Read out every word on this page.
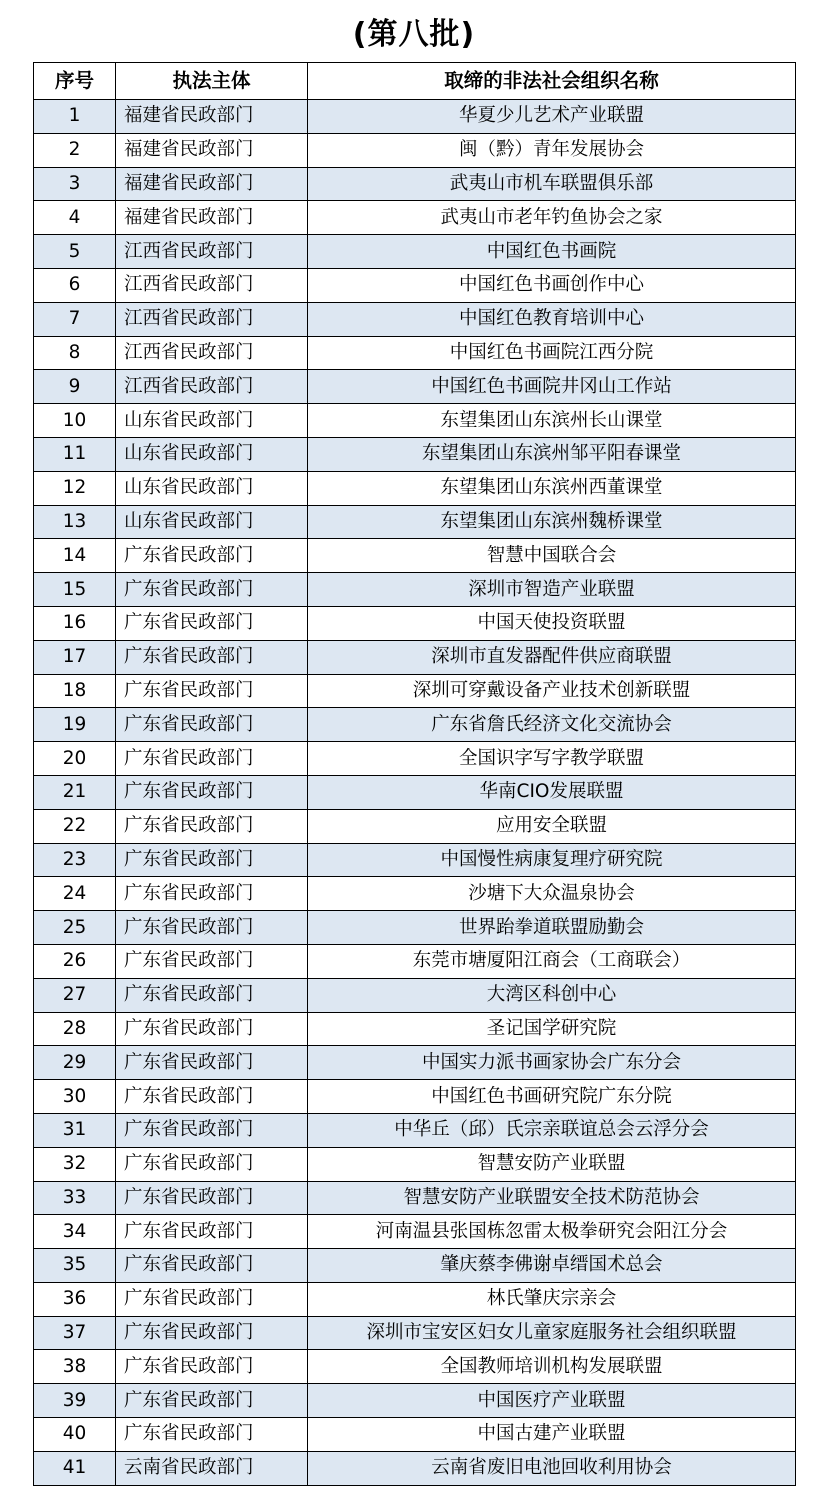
(第八批)
序号	执法主体	取缔的非法社会组织名称
1	福建省民政部门	华夏少儿艺术产业联盟
2	福建省民政部门	闽（黔）青年发展协会
3	福建省民政部门	武夷山市机车联盟俱乐部
4	福建省民政部门	武夷山市老年钓鱼协会之家
5	江西省民政部门	中国红色书画院
6	江西省民政部门	中国红色书画创作中心
7	江西省民政部门	中国红色教育培训中心
8	江西省民政部门	中国红色书画院江西分院
9	江西省民政部门	中国红色书画院井冈山工作站
10	山东省民政部门	东望集团山东滨州长山课堂
11	山东省民政部门	东望集团山东滨州邹平阳春课堂
12	山东省民政部门	东望集团山东滨州西董课堂
13	山东省民政部门	东望集团山东滨州魏桥课堂
14	广东省民政部门	智慧中国联合会
15	广东省民政部门	深圳市智造产业联盟
16	广东省民政部门	中国天使投资联盟
17	广东省民政部门	深圳市直发器配件供应商联盟
18	广东省民政部门	深圳可穿戴设备产业技术创新联盟
19	广东省民政部门	广东省詹氏经济文化交流协会
20	广东省民政部门	全国识字写字教学联盟
21	广东省民政部门	华南CIO发展联盟
22	广东省民政部门	应用安全联盟
23	广东省民政部门	中国慢性病康复理疗研究院
24	广东省民政部门	沙塘下大众温泉协会
25	广东省民政部门	世界跆拳道联盟励勤会
26	广东省民政部门	东莞市塘厦阳江商会（工商联会）
27	广东省民政部门	大湾区科创中心
28	广东省民政部门	圣记国学研究院
29	广东省民政部门	中国实力派书画家协会广东分会
30	广东省民政部门	中国红色书画研究院广东分院
31	广东省民政部门	中华丘（邱）氏宗亲联谊总会云浮分会
32	广东省民政部门	智慧安防产业联盟
33	广东省民政部门	智慧安防产业联盟安全技术防范协会
34	广东省民政部门	河南温县张国栋忽雷太极拳研究会阳江分会
35	广东省民政部门	肇庆蔡李佛谢卓缙国术总会
36	广东省民政部门	林氏肇庆宗亲会
37	广东省民政部门	深圳市宝安区妇女儿童家庭服务社会组织联盟
38	广东省民政部门	全国教师培训机构发展联盟
39	广东省民政部门	中国医疗产业联盟
40	广东省民政部门	中国古建产业联盟
41	云南省民政部门	云南省废旧电池回收利用协会
